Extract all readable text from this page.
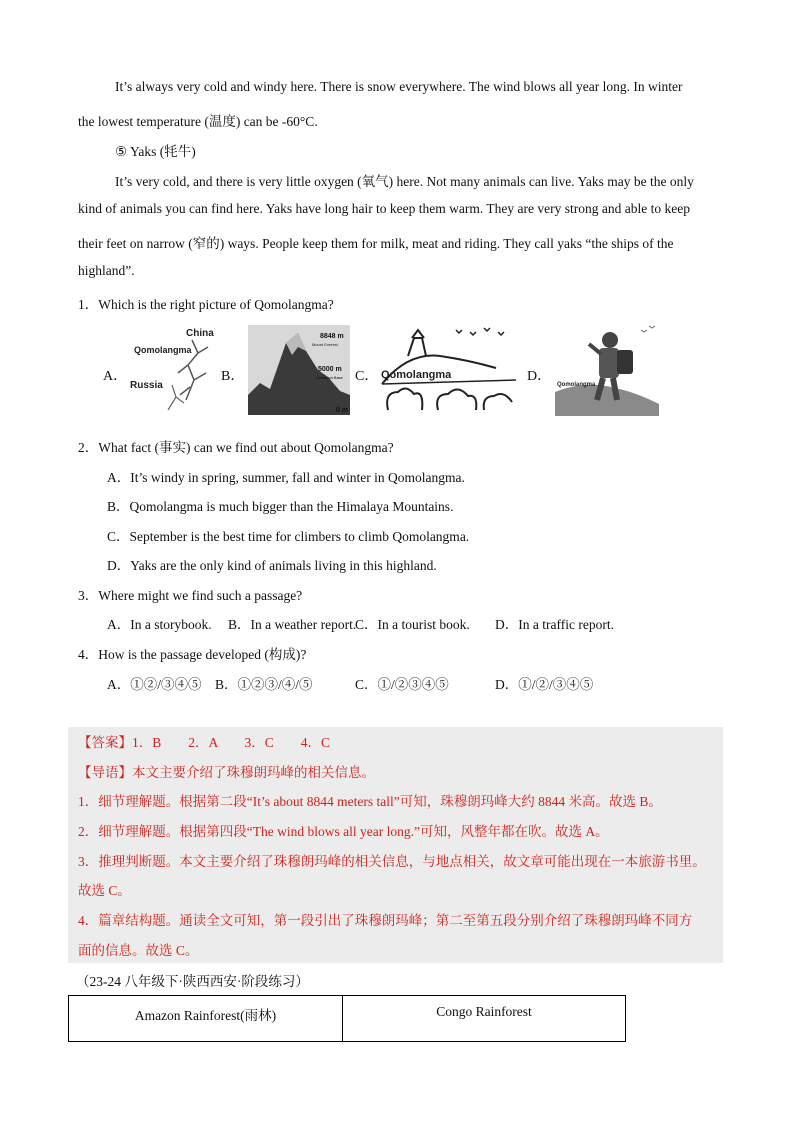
It’s always very cold and windy here. There is snow everywhere. The wind blows all year long. In winter
the lowest temperature (温度) can be -60°C.
⑤ Yaks (牦牛)
It’s very cold, and there is very little oxygen (氧气) here. Not many animals can live. Yaks may be the only
kind of animals you can find here. Yaks have long hair to keep them warm. They are very strong and able to keep
their feet on narrow (窄的) ways. People keep them for milk, meat and riding. They call yaks “the ships of the
highland”.
1．Which is the right picture of Qomolangma?
A．
China
Qomolangma
Russia
B．
8848 m
Mount Everest
5000 m
Himalaya Base
0 m
C． Qomolangma	D．
Qomolangma
2．What fact (事实) can we find out about Qomolangma?
A．It’s windy in spring, summer, fall and winter in Qomolangma.
B．Qomolangma is much bigger than the Himalaya Mountains.
C．September is the best time for climbers to climb Qomolangma.
D．Yaks are the only kind of animals living in this highland.
3．Where might we find such a passage?
A．In a storybook. B．In a weather report.
C．In a tourist book. D．In a traffic report.
4．How is the passage developed (构成)?
A．①②/③④⑤ B．①②③/④/⑤	C．①/②③④⑤	D．①/②/③④⑤
【答案】1．B　　2．A　　3．C　　4．C
【导语】本文主要介绍了珠穆朗玛峰的相关信息。
1．细节理解题。根据第二段“It’s about 8844 meters tall”可知，珠穆朗玛峰大约 8844 米高。故选 B。
2．细节理解题。根据第四段“The wind blows all year long.”可知，风整年都在吹。故选 A。
3．推理判断题。本文主要介绍了珠穆朗玛峰的相关信息，与地点相关，故文章可能出现在一本旅游书里。
故选 C。
4．篇章结构题。通读全文可知，第一段引出了珠穆朗玛峰；第二至第五段分别介绍了珠穆朗玛峰不同方
面的信息。故选 C。
（23-24 八年级下·陕西西安·阶段练习）
Amazon Rainforest(雨林)	Congo Rainforest
